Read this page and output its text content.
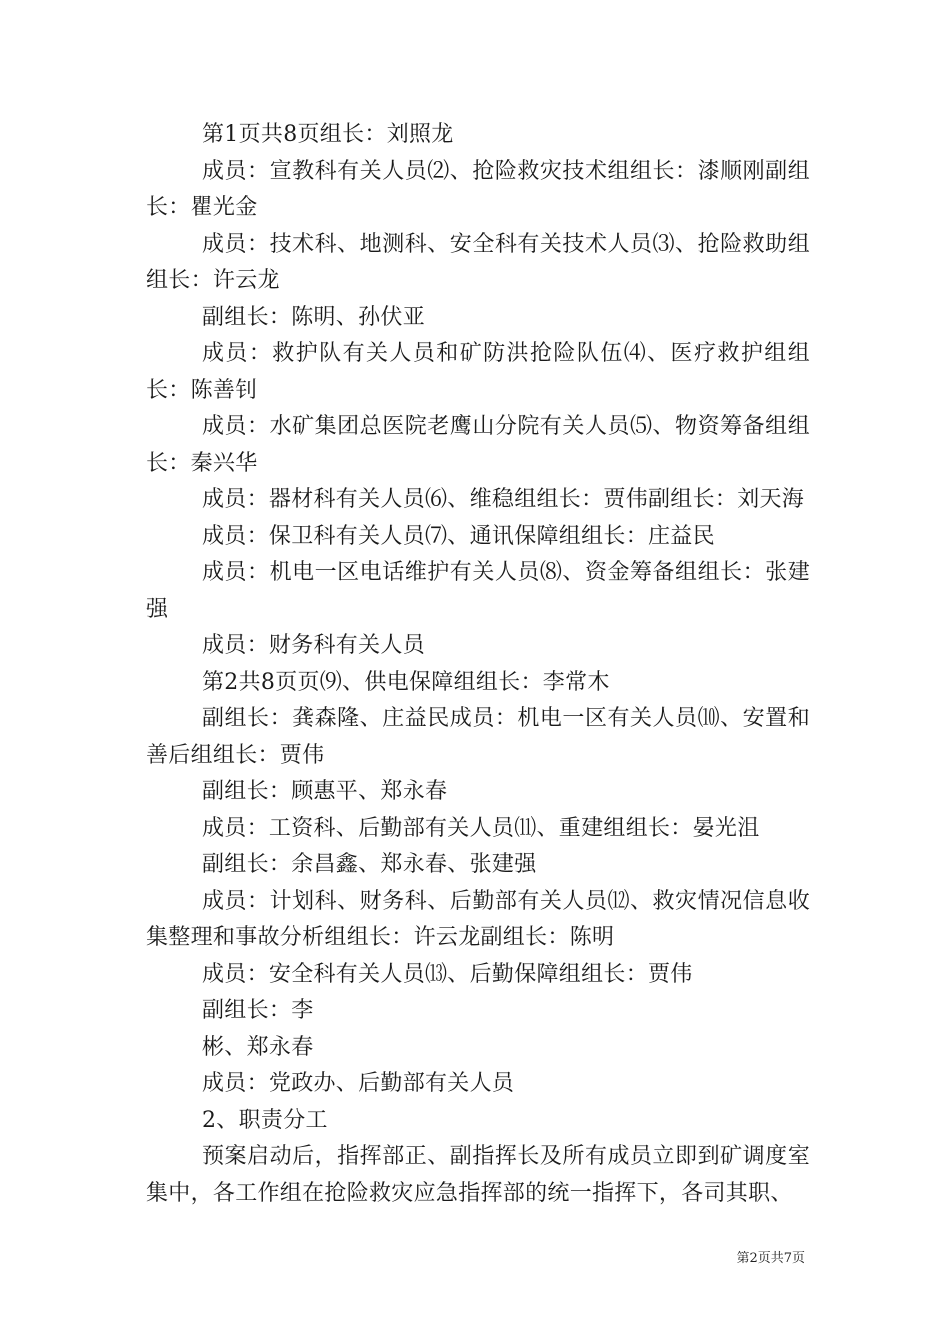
第1页共8页组长：刘照龙

成员：宣教科有关人员⑵、抢险救灾技术组组长：漆顺刚副组长：瞿光金

成员：技术科、地测科、安全科有关技术人员⑶、抢险救助组组长：许云龙

副组长：陈明、孙伏亚

成员：救护队有关人员和矿防洪抢险队伍⑷、医疗救护组组长：陈善钊

成员：水矿集团总医院老鹰山分院有关人员⑸、物资筹备组组长：秦兴华

成员：器材科有关人员⑹、维稳组组长：贾伟副组长：刘天海

成员：保卫科有关人员⑺、通讯保障组组长：庄益民

成员：机电一区电话维护有关人员⑻、资金筹备组组长：张建强

成员：财务科有关人员

第2共8页页⑼、供电保障组组长：李常木

副组长：龚森隆、庄益民成员：机电一区有关人员⑽、安置和善后组组长：贾伟

副组长：顾惠平、郑永春

成员：工资科、后勤部有关人员⑾、重建组组长：晏光沮

副组长：余昌鑫、郑永春、张建强

成员：计划科、财务科、后勤部有关人员⑿、救灾情况信息收集整理和事故分析组组长：许云龙副组长：陈明

成员：安全科有关人员⒀、后勤保障组组长：贾伟

副组长：李

彬、郑永春

成员：党政办、后勤部有关人员

2、职责分工

预案启动后，指挥部正、副指挥长及所有成员立即到矿调度室集中，各工作组在抢险救灾应急指挥部的统一指挥下，各司其职、

第2页共7页
